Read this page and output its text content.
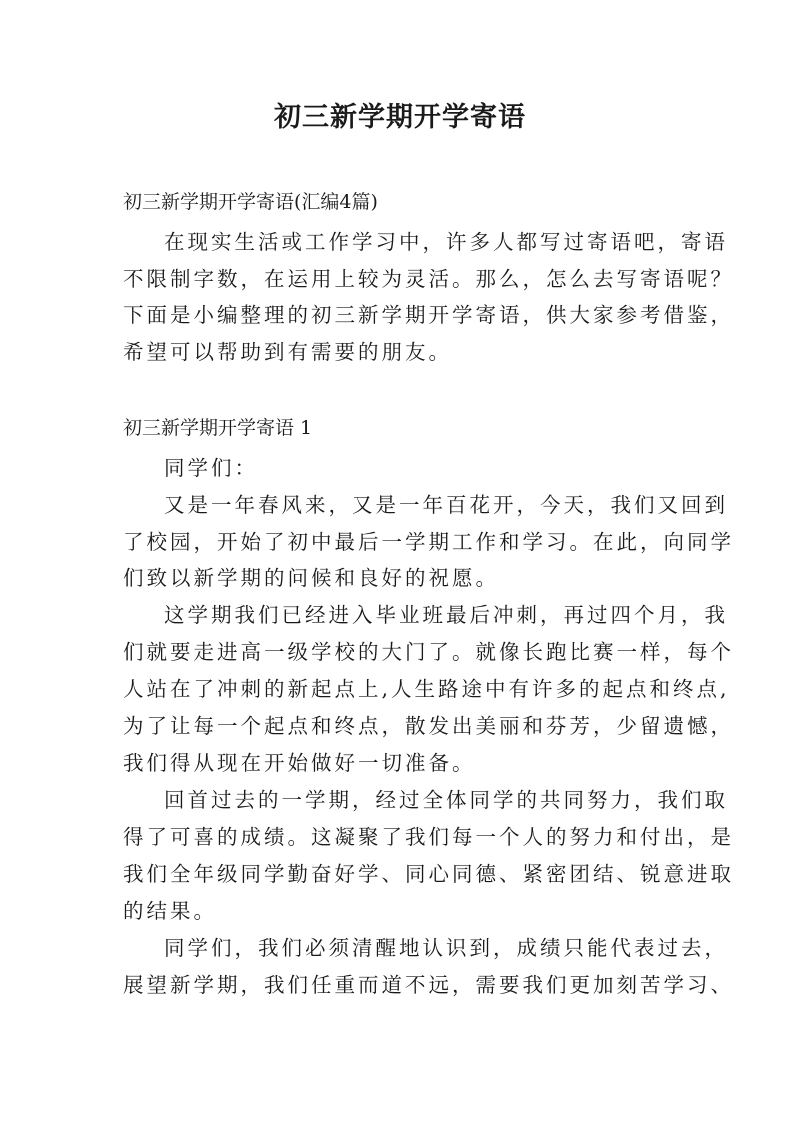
初三新学期开学寄语

初三新学期开学寄语(汇编4篇)

在现实生活或工作学习中，许多人都写过寄语吧，寄语

不限制字数，在运用上较为灵活。那么，怎么去写寄语呢？

下面是小编整理的初三新学期开学寄语，供大家参考借鉴，

希望可以帮助到有需要的朋友。

初三新学期开学寄语 1

同学们：

又是一年春风来，又是一年百花开，今天，我们又回到

了校园，开始了初中最后一学期工作和学习。在此，向同学

们致以新学期的问候和良好的祝愿。

这学期我们已经进入毕业班最后冲刺，再过四个月，我

们就要走进高一级学校的大门了。就像长跑比赛一样，每个

人站在了冲刺的新起点上,人生路途中有许多的起点和终点,

为了让每一个起点和终点，散发出美丽和芬芳，少留遗憾，

我们得从现在开始做好一切准备。

回首过去的一学期，经过全体同学的共同努力，我们取

得了可喜的成绩。这凝聚了我们每一个人的努力和付出，是

我们全年级同学勤奋好学、同心同德、紧密团结、锐意进取

的结果。

同学们，我们必须清醒地认识到，成绩只能代表过去，

展望新学期，我们任重而道不远，需要我们更加刻苦学习、
